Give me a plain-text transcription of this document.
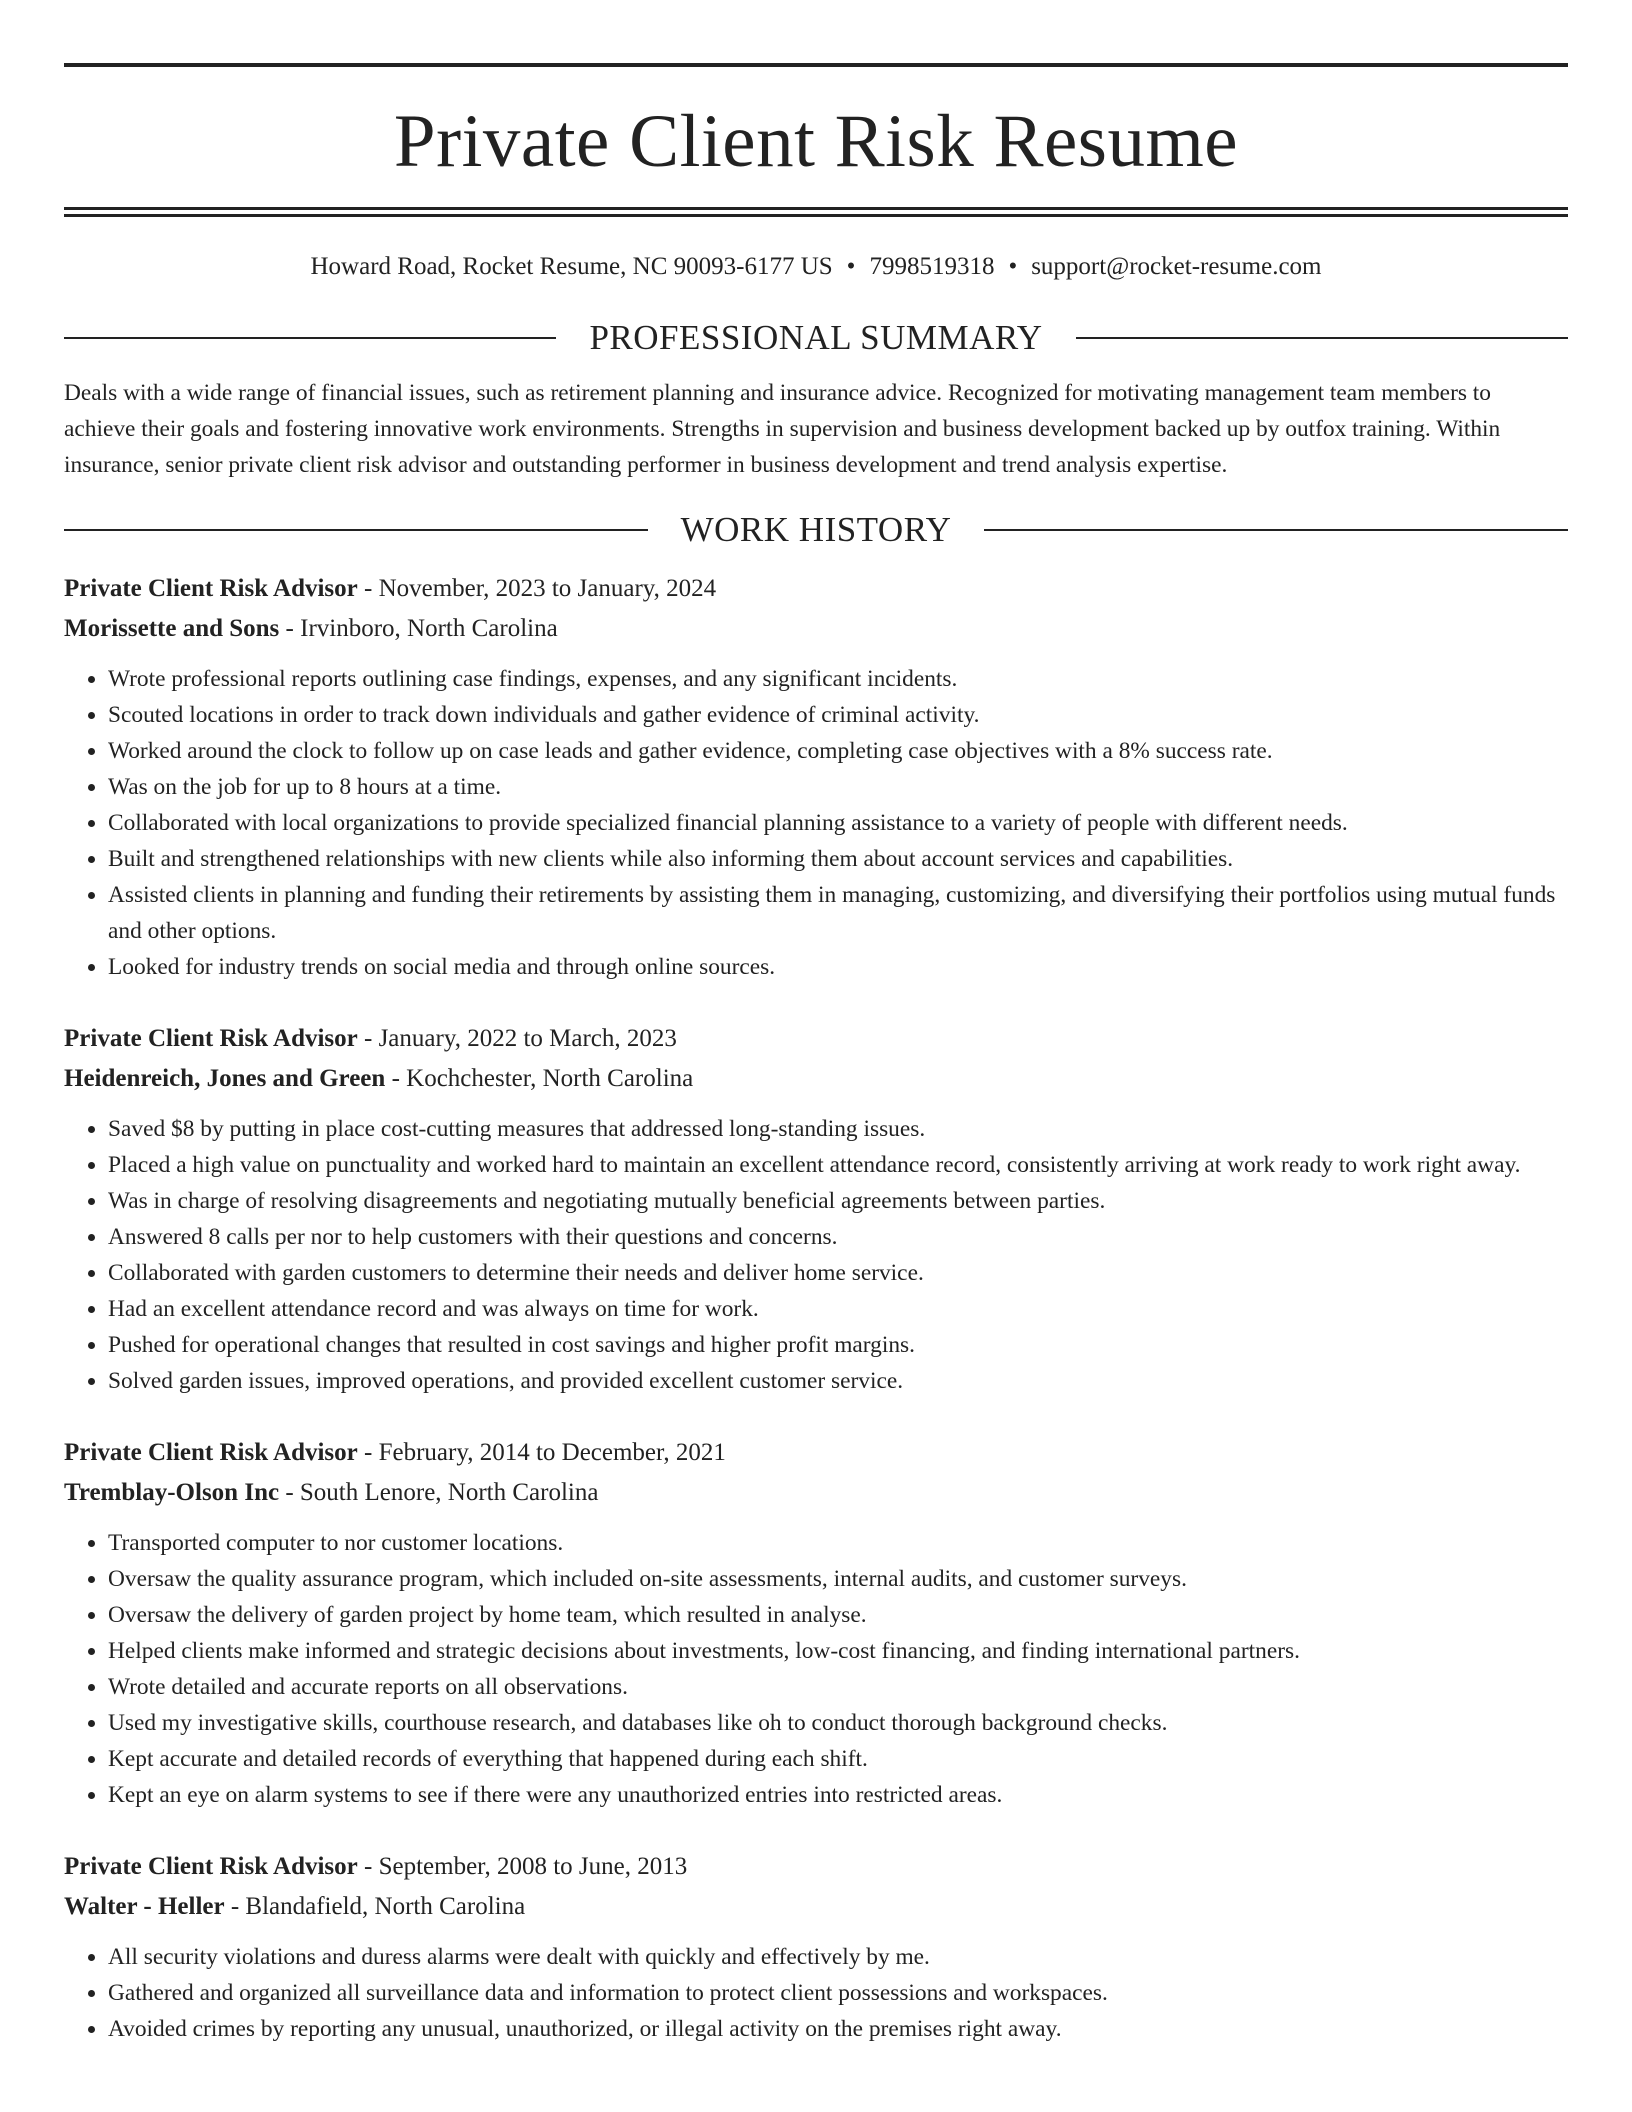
Private Client Risk Resume
Howard Road, Rocket Resume, NC 90093-6177 US • 7998519318 • support@rocket-resume.com
PROFESSIONAL SUMMARY
Deals with a wide range of financial issues, such as retirement planning and insurance advice. Recognized for motivating management team members to achieve their goals and fostering innovative work environments. Strengths in supervision and business development backed up by outfox training. Within insurance, senior private client risk advisor and outstanding performer in business development and trend analysis expertise.
WORK HISTORY
Private Client Risk Advisor - November, 2023 to January, 2024
Morissette and Sons - Irvinboro, North Carolina
• Wrote professional reports outlining case findings, expenses, and any significant incidents.
• Scouted locations in order to track down individuals and gather evidence of criminal activity.
• Worked around the clock to follow up on case leads and gather evidence, completing case objectives with a 8% success rate.
• Was on the job for up to 8 hours at a time.
• Collaborated with local organizations to provide specialized financial planning assistance to a variety of people with different needs.
• Built and strengthened relationships with new clients while also informing them about account services and capabilities.
• Assisted clients in planning and funding their retirements by assisting them in managing, customizing, and diversifying their portfolios using mutual funds and other options.
• Looked for industry trends on social media and through online sources.
Private Client Risk Advisor - January, 2022 to March, 2023
Heidenreich, Jones and Green - Kochchester, North Carolina
• Saved $8 by putting in place cost-cutting measures that addressed long-standing issues.
• Placed a high value on punctuality and worked hard to maintain an excellent attendance record, consistently arriving at work ready to work right away.
• Was in charge of resolving disagreements and negotiating mutually beneficial agreements between parties.
• Answered 8 calls per nor to help customers with their questions and concerns.
• Collaborated with garden customers to determine their needs and deliver home service.
• Had an excellent attendance record and was always on time for work.
• Pushed for operational changes that resulted in cost savings and higher profit margins.
• Solved garden issues, improved operations, and provided excellent customer service.
Private Client Risk Advisor - February, 2014 to December, 2021
Tremblay-Olson Inc - South Lenore, North Carolina
• Transported computer to nor customer locations.
• Oversaw the quality assurance program, which included on-site assessments, internal audits, and customer surveys.
• Oversaw the delivery of garden project by home team, which resulted in analyse.
• Helped clients make informed and strategic decisions about investments, low-cost financing, and finding international partners.
• Wrote detailed and accurate reports on all observations.
• Used my investigative skills, courthouse research, and databases like oh to conduct thorough background checks.
• Kept accurate and detailed records of everything that happened during each shift.
• Kept an eye on alarm systems to see if there were any unauthorized entries into restricted areas.
Private Client Risk Advisor - September, 2008 to June, 2013
Walter - Heller - Blandafield, North Carolina
• All security violations and duress alarms were dealt with quickly and effectively by me.
• Gathered and organized all surveillance data and information to protect client possessions and workspaces.
• Avoided crimes by reporting any unusual, unauthorized, or illegal activity on the premises right away.
